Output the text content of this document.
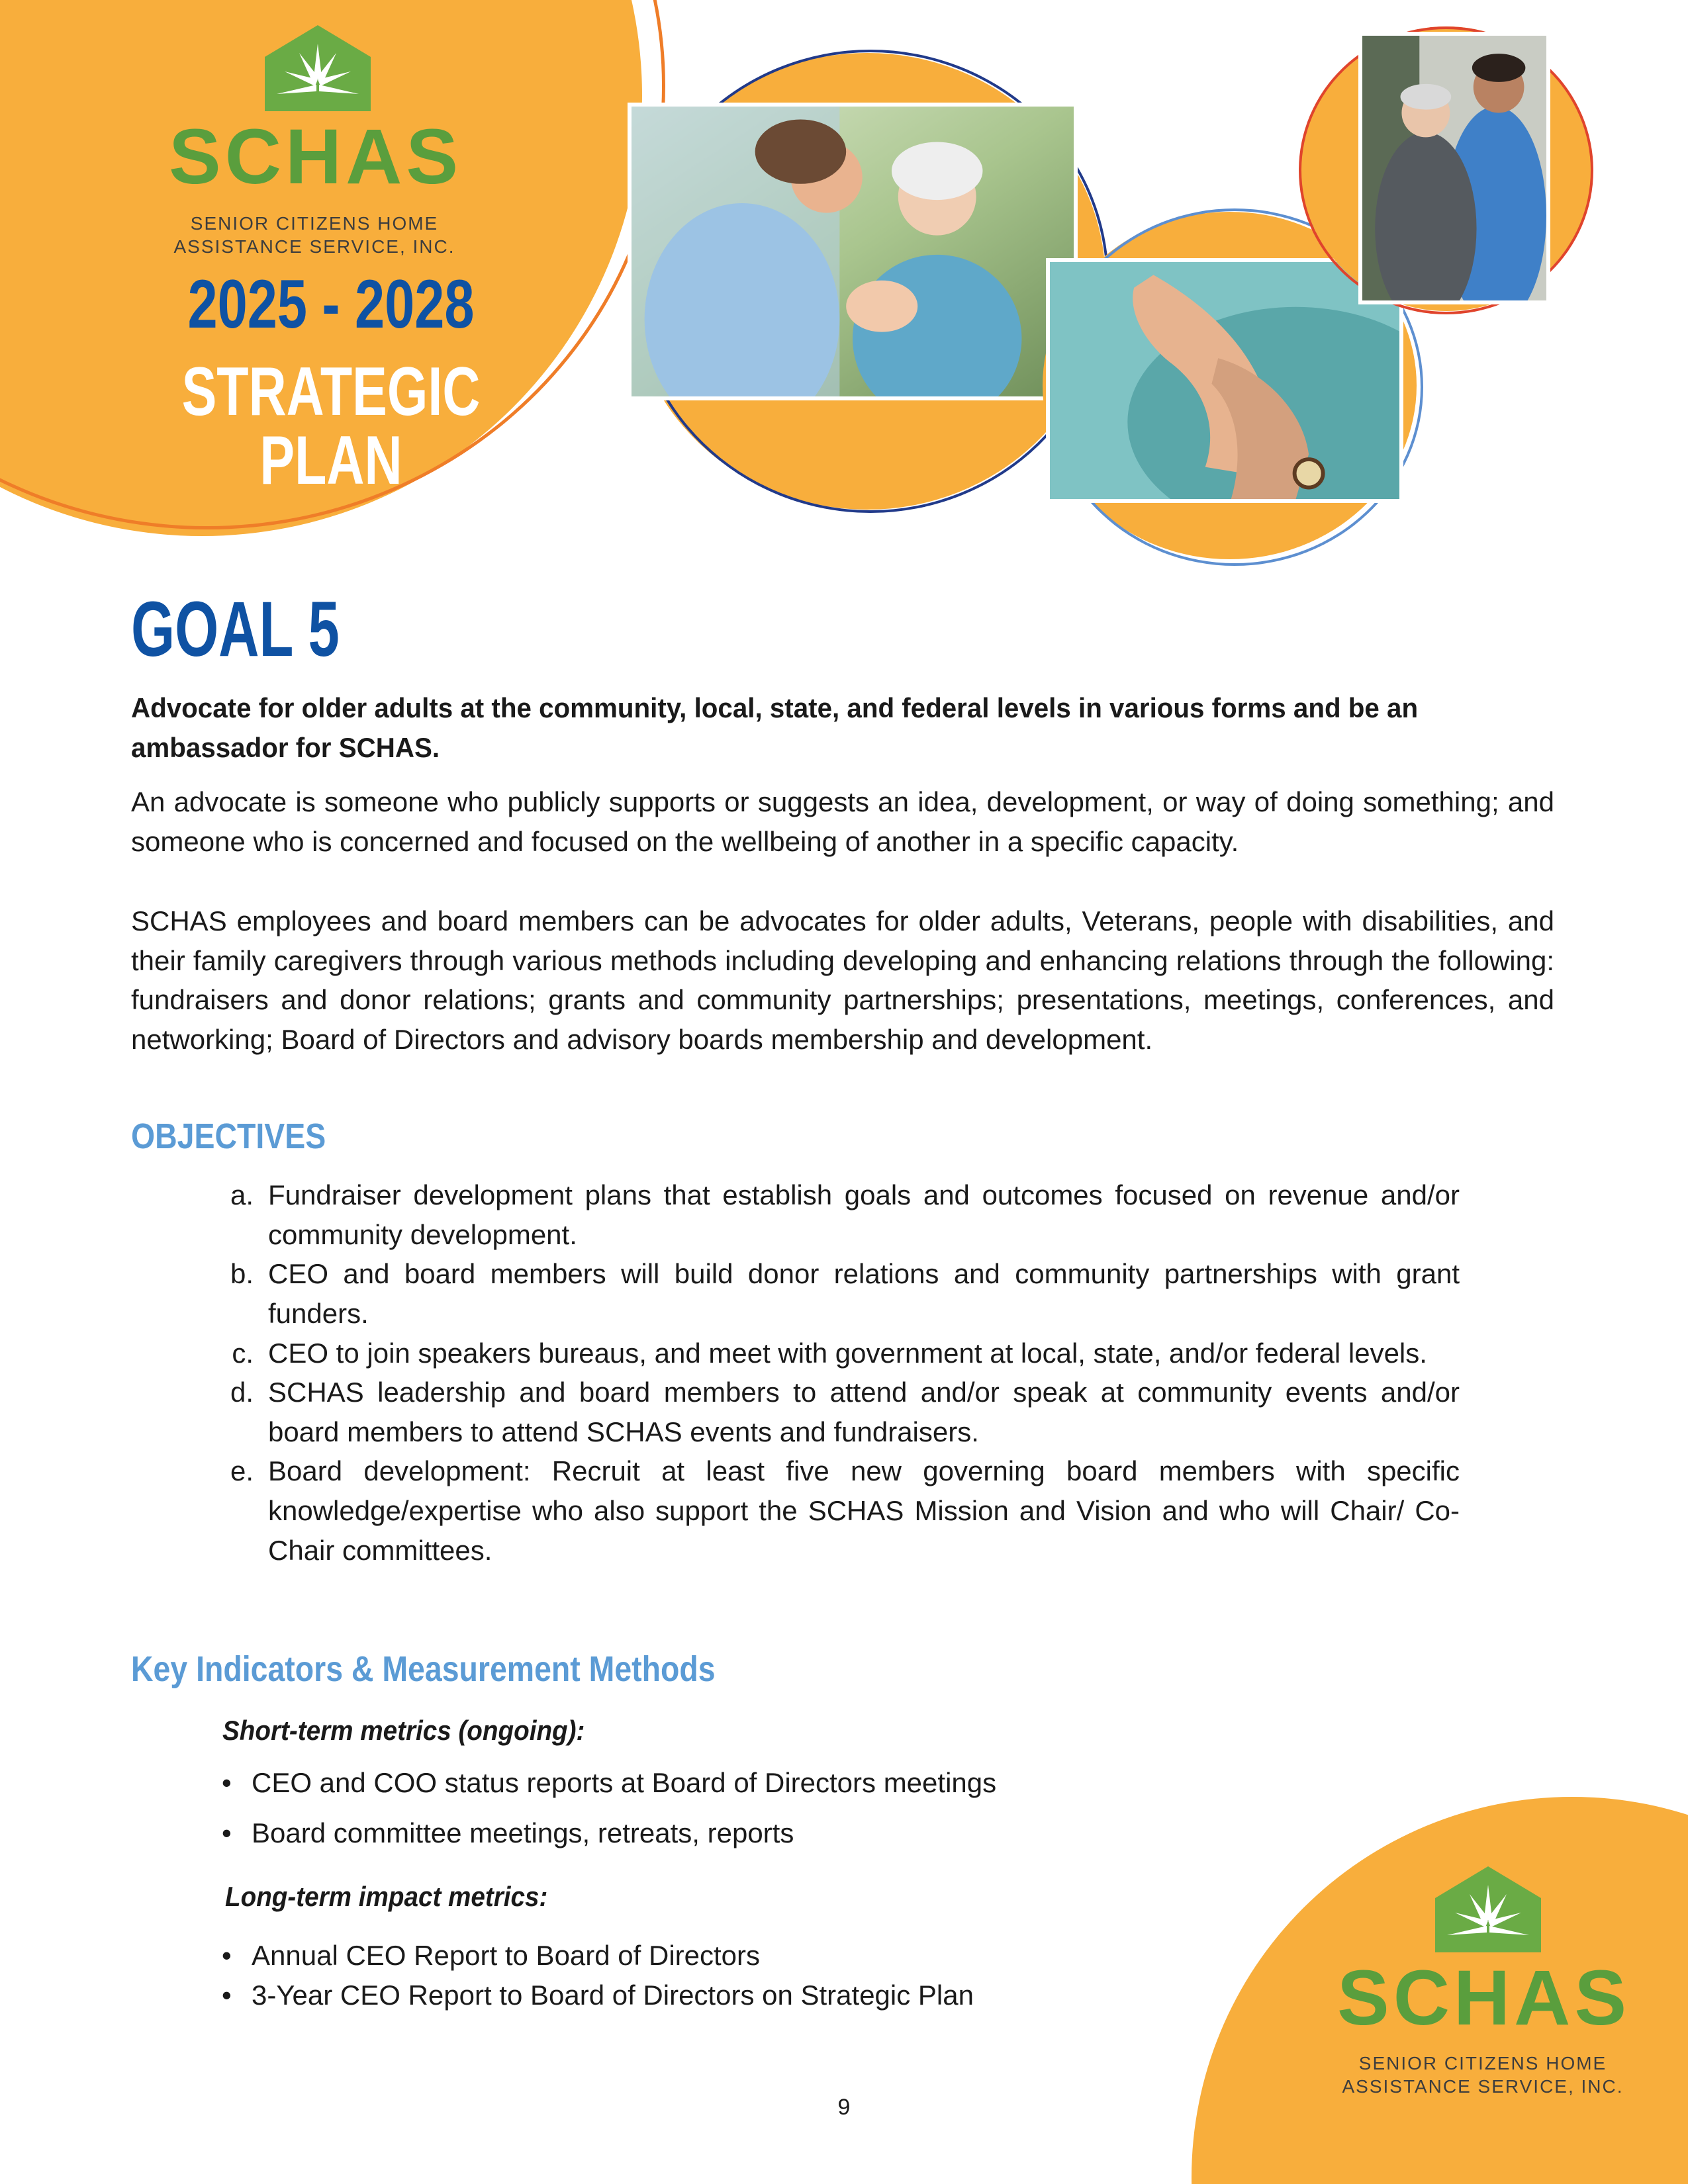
SCHAS
SENIOR CITIZENS HOME
ASSISTANCE SERVICE, INC.
2025 - 2028
STRATEGIC PLAN
GOAL 5
Advocate for older adults at the community, local, state, and federal levels in various forms and be an ambassador for SCHAS.

An advocate is someone who publicly supports or suggests an idea, development, or way of doing something; and someone who is concerned and focused on the wellbeing of another in a specific capacity.

SCHAS employees and board members can be advocates for older adults, Veterans, people with disabilities, and their family caregivers through various methods including developing and enhancing relations through the following: fundraisers and donor relations; grants and community partnerships; presentations, meetings, conferences, and networking; Board of Directors and advisory boards membership and development.

OBJECTIVES
a. Fundraiser development plans that establish goals and outcomes focused on revenue and/or community development.
b. CEO and board members will build donor relations and community partnerships with grant funders.
c. CEO to join speakers bureaus, and meet with government at local, state, and/or federal levels.
d. SCHAS leadership and board members to attend and/or speak at community events and/or board members to attend SCHAS events and fundraisers.
e. Board development: Recruit at least five new governing board members with specific knowledge/expertise who also support the SCHAS Mission and Vision and who will Chair/ Co-Chair committees.
Key Indicators & Measurement Methods
Short-term metrics (ongoing):
• CEO and COO status reports at Board of Directors meetings
• Board committee meetings, retreats, reports
Long-term impact metrics:
• Annual CEO Report to Board of Directors
• 3-Year CEO Report to Board of Directors on Strategic Plan	SCHAS
SENIOR CITIZENS HOME
ASSISTANCE SERVICE, INC.
9
